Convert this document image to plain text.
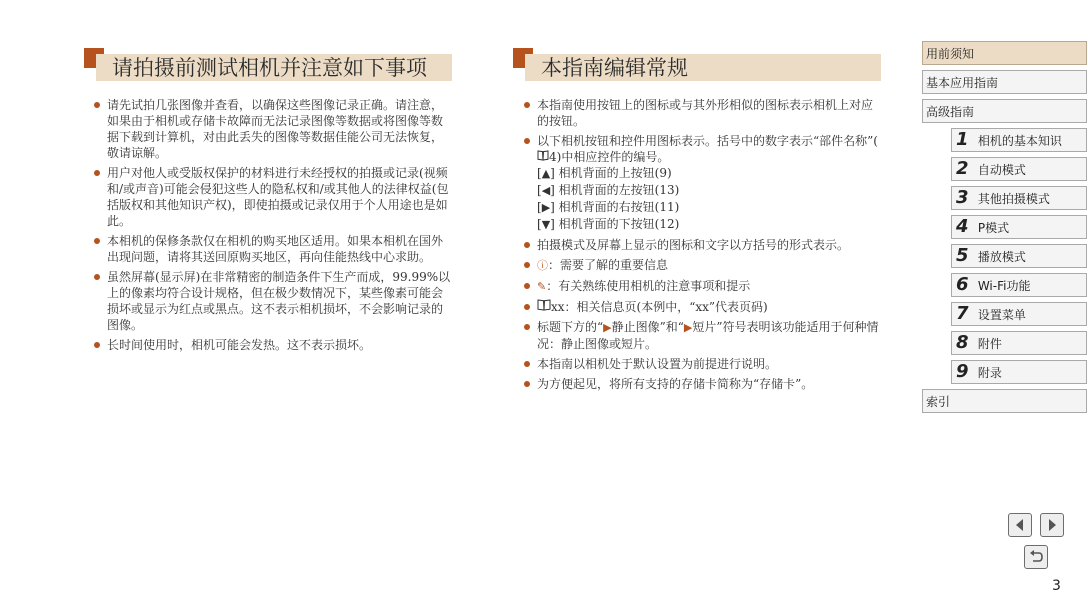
请拍摄前测试相机并注意如下事项
请先试拍几张图像并查看，以确保这些图像记录正确。请注意，如果由于相机或存储卡故障而无法记录图像等数据或将图像等数据下载到计算机，对由此丢失的图像等数据佳能公司无法恢复，敬请谅解。
用户对他人或受版权保护的材料进行未经授权的拍摄或记录(视频和/或声音)可能会侵犯这些人的隐私权和/或其他人的法律权益(包括版权和其他知识产权)，即使拍摄或记录仅用于个人用途也是如此。
本相机的保修条款仅在相机的购买地区适用。如果本相机在国外出现问题，请将其送回原购买地区，再向佳能热线中心求助。
虽然屏幕(显示屏)在非常精密的制造条件下生产而成，99.99%以上的像素均符合设计规格，但在极少数情况下，某些像素可能会损坏或显示为红点或黑点。这不表示相机损坏，不会影响记录的图像。
长时间使用时，相机可能会发热。这不表示损坏。
本指南编辑常规
本指南使用按钮上的图标或与其外形相似的图标表示相机上对应的按钮。
以下相机按钮和控件用图标表示。括号中的数字表示“部件名称”(4)中相应控件的编号。
[▲] 相机背面的上按钮(9)
[◀] 相机背面的左按钮(13)
[▶] 相机背面的右按钮(11)
[▼] 相机背面的下按钮(12)
拍摄模式及屏幕上显示的图标和文字以方括号的形式表示。
ⓘ：需要了解的重要信息
✎：有关熟练使用相机的注意事项和提示
xx：相关信息页(本例中，“xx”代表页码)
标题下方的“▶静止图像”和“▶短片”符号表明该功能适用于何种情况：静止图像或短片。
本指南以相机处于默认设置为前提进行说明。
为方便起见，将所有支持的存储卡简称为“存储卡”。
用前须知
基本应用指南
高级指南
1 相机的基本知识
2 自动模式
3 其他拍摄模式
4 P模式
5 播放模式
6 Wi-Fi功能
7 设置菜单
8 附件
9 附录
索引
3
